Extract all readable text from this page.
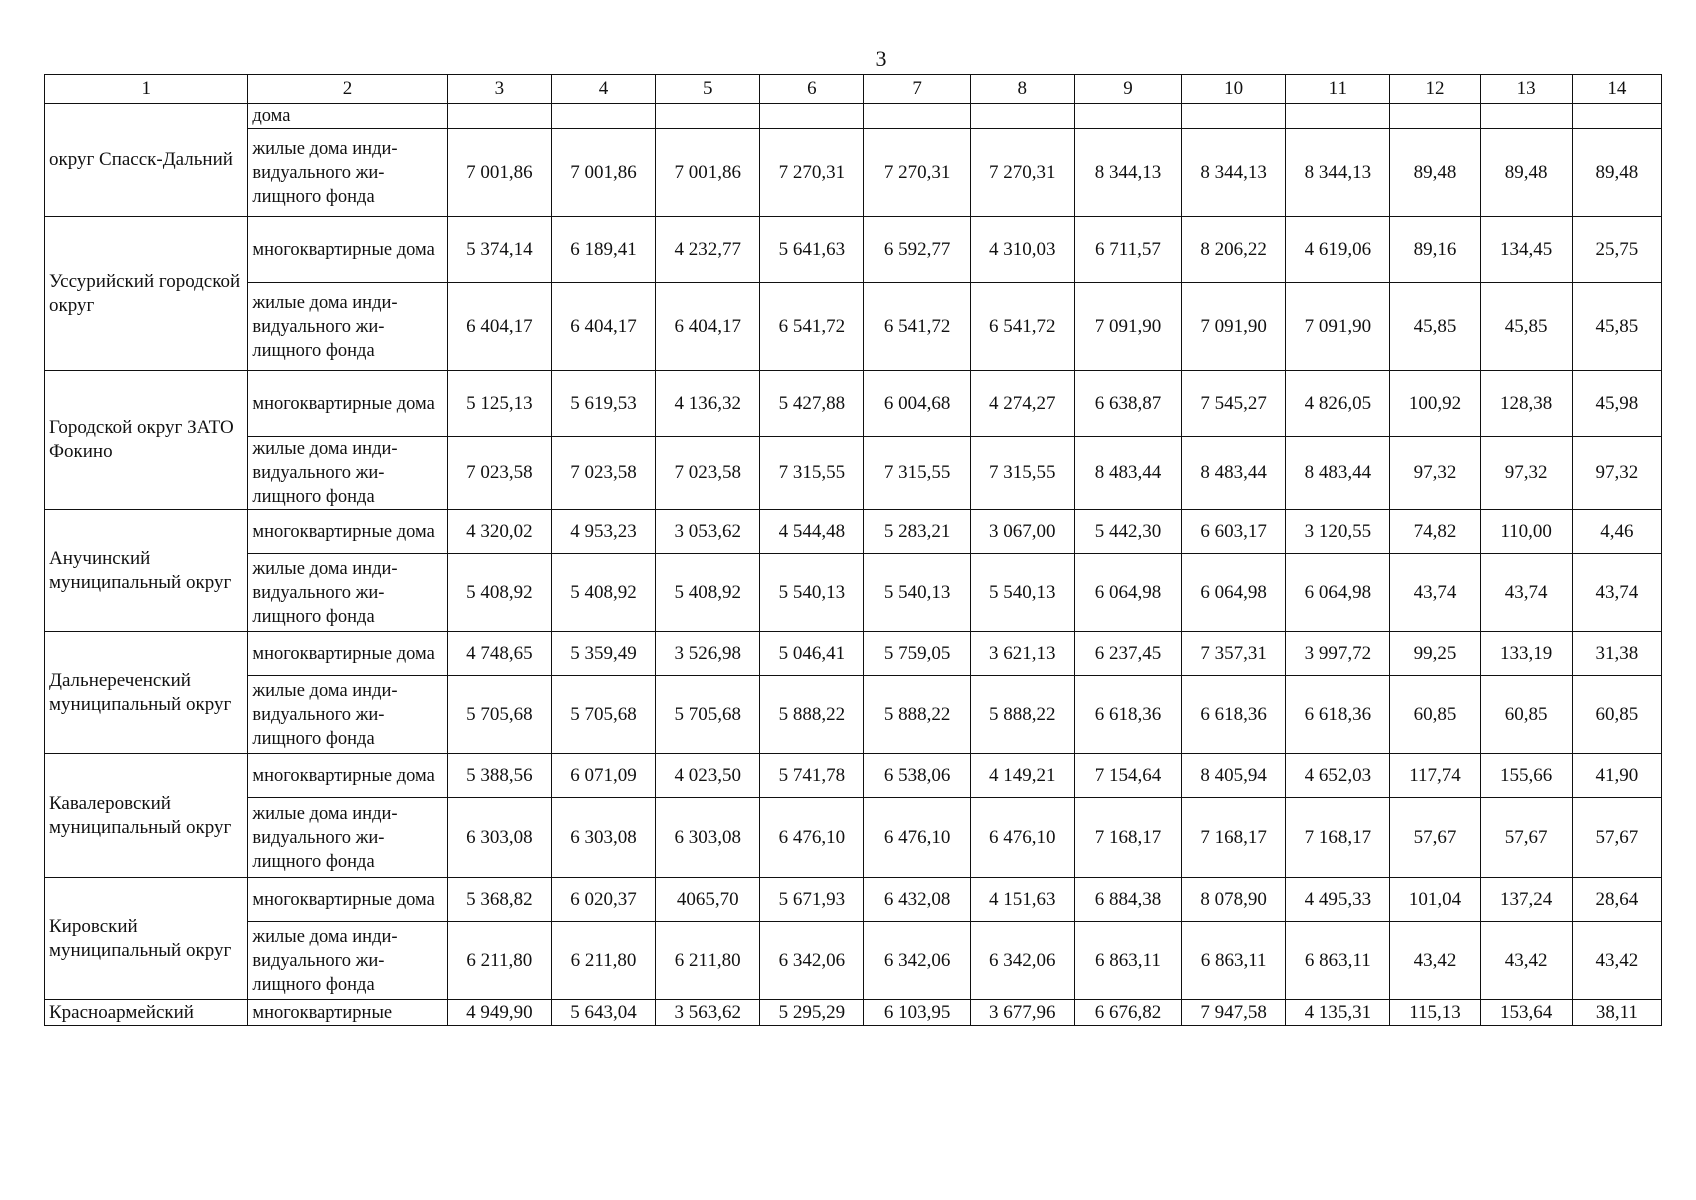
3
1	2	3	4	5	6	7	8	9	10	11	12	13	14
округ Спасск-Дальний	дома												
	жилые дома инди-видуального жи-лищного фонда	7 001,86	7 001,86	7 001,86	7 270,31	7 270,31	7 270,31	8 344,13	8 344,13	8 344,13	89,48	89,48	89,48
Уссурийский городской округ	многоквартирные дома	5 374,14	6 189,41	4 232,77	5 641,63	6 592,77	4 310,03	6 711,57	8 206,22	4 619,06	89,16	134,45	25,75
	жилые дома инди-видуального жи-лищного фонда	6 404,17	6 404,17	6 404,17	6 541,72	6 541,72	6 541,72	7 091,90	7 091,90	7 091,90	45,85	45,85	45,85
Городской округ ЗАТО Фокино	многоквартирные дома	5 125,13	5 619,53	4 136,32	5 427,88	6 004,68	4 274,27	6 638,87	7 545,27	4 826,05	100,92	128,38	45,98
	жилые дома инди-видуального жи-лищного фонда	7 023,58	7 023,58	7 023,58	7 315,55	7 315,55	7 315,55	8 483,44	8 483,44	8 483,44	97,32	97,32	97,32
Анучинский муниципальный округ	многоквартирные дома	4 320,02	4 953,23	3 053,62	4 544,48	5 283,21	3 067,00	5 442,30	6 603,17	3 120,55	74,82	110,00	4,46
	жилые дома инди-видуального жи-лищного фонда	5 408,92	5 408,92	5 408,92	5 540,13	5 540,13	5 540,13	6 064,98	6 064,98	6 064,98	43,74	43,74	43,74
Дальнереченский муниципальный округ	многоквартирные дома	4 748,65	5 359,49	3 526,98	5 046,41	5 759,05	3 621,13	6 237,45	7 357,31	3 997,72	99,25	133,19	31,38
	жилые дома инди-видуального жи-лищного фонда	5 705,68	5 705,68	5 705,68	5 888,22	5 888,22	5 888,22	6 618,36	6 618,36	6 618,36	60,85	60,85	60,85
Кавалеровский муниципальный округ	многоквартирные дома	5 388,56	6 071,09	4 023,50	5 741,78	6 538,06	4 149,21	7 154,64	8 405,94	4 652,03	117,74	155,66	41,90
	жилые дома инди-видуального жи-лищного фонда	6 303,08	6 303,08	6 303,08	6 476,10	6 476,10	6 476,10	7 168,17	7 168,17	7 168,17	57,67	57,67	57,67
Кировский муниципальный округ	многоквартирные дома	5 368,82	6 020,37	4065,70	5 671,93	6 432,08	4 151,63	6 884,38	8 078,90	4 495,33	101,04	137,24	28,64
	жилые дома инди-видуального жи-лищного фонда	6 211,80	6 211,80	6 211,80	6 342,06	6 342,06	6 342,06	6 863,11	6 863,11	6 863,11	43,42	43,42	43,42
Красноармейский	многоквартирные	4 949,90	5 643,04	3 563,62	5 295,29	6 103,95	3 677,96	6 676,82	7 947,58	4 135,31	115,13	153,64	38,11
